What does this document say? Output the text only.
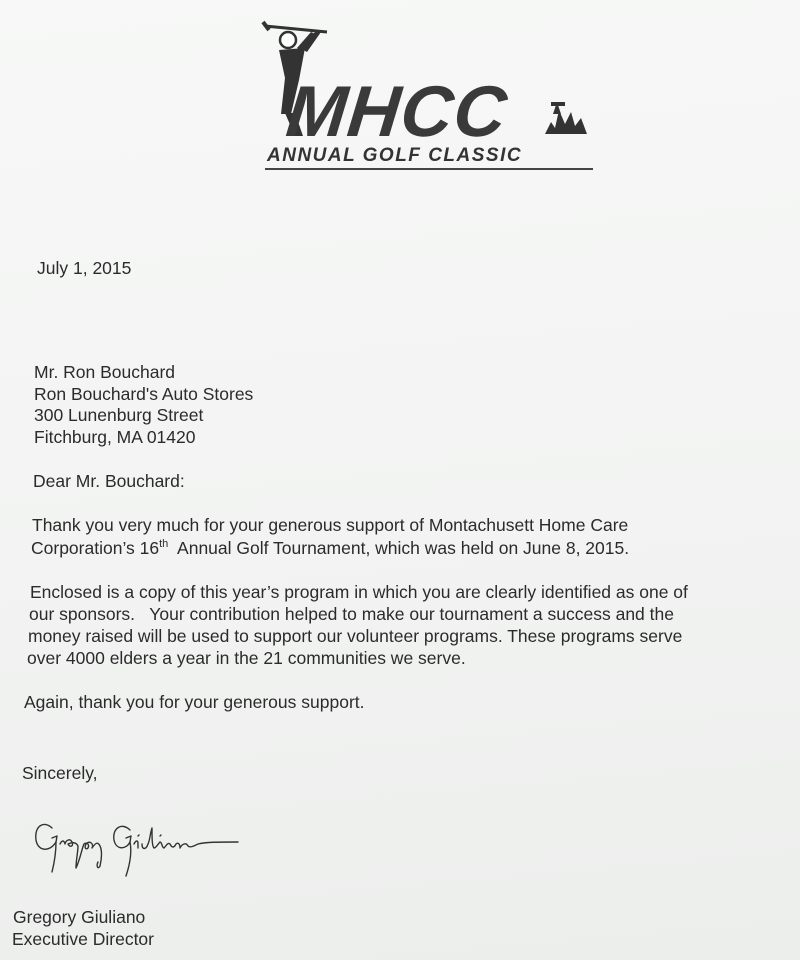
MHCC
ANNUAL GOLF CLASSIC
July 1, 2015
Mr. Ron Bouchard
Ron Bouchard's Auto Stores
300 Lunenburg Street
Fitchburg, MA 01420
Dear Mr. Bouchard:
Thank you very much for your generous support of Montachusett Home Care
Corporation’s 16th  Annual Golf Tournament, which was held on June 8, 2015.
Enclosed is a copy of this year’s program in which you are clearly identified as one of
our sponsors.   Your contribution helped to make our tournament a success and the
money raised will be used to support our volunteer programs. These programs serve
over 4000 elders a year in the 21 communities we serve.
Again, thank you for your generous support.
Sincerely,
Gregory Giuliano
Executive Director
